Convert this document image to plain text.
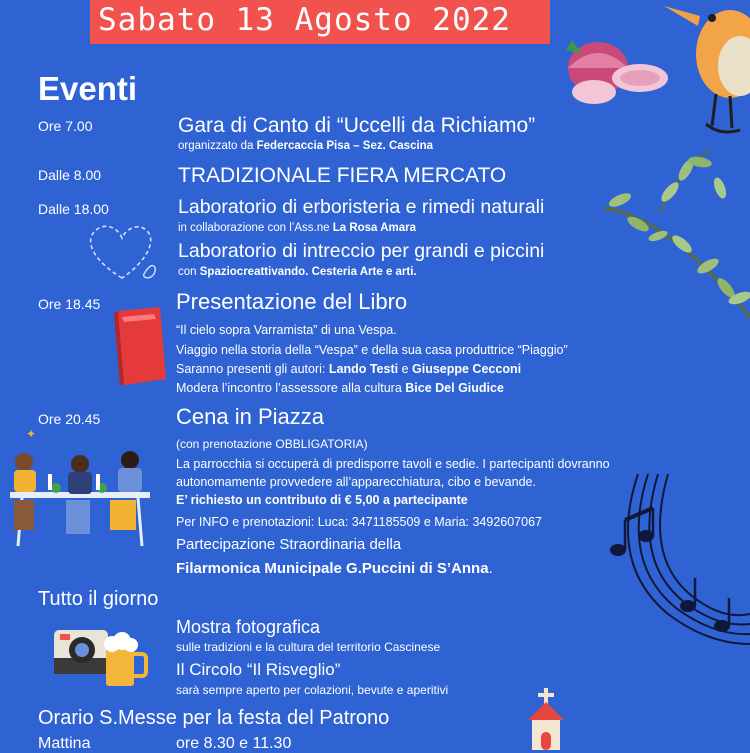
Sabato 13 Agosto 2022
Eventi
Ore 7.00	Gara di Canto di “Uccelli da Richiamo”
organizzato da Federcaccia Pisa – Sez. Cascina
Dalle 8.00	TRADIZIONALE FIERA MERCATO
Dalle 18.00	Laboratorio di erboristeria e rimedi naturali
in collaborazione con l’Ass.ne La Rosa Amara
Laboratorio di intreccio per grandi e piccini
con Spaziocreattivando. Cesteria Arte e arti.
Ore 18.45	Presentazione del Libro
“Il cielo sopra Varramista” di una Vespa.
Viaggio nella storia della “Vespa” e della sua casa produttrice “Piaggio”
Saranno presenti gli autori: Lando Testi e Giuseppe Cecconi
Modera l’incontro l’assessore alla cultura Bice Del Giudice
Ore 20.45	Cena in Piazza
(con prenotazione OBBLIGATORIA)
La parrocchia si occuperà di predisporre tavoli e sedie. I partecipanti dovranno
autonomamente provvedere all’apparecchiatura, cibo e bevande.
E’ richiesto un contributo di € 5,00 a partecipante
Per INFO e prenotazioni: Luca: 3471185509 e Maria: 3492607067
Partecipazione Straordinaria della
Filarmonica Municipale G.Puccini di S’Anna.
✦
Tutto il giorno
Mostra fotografica
sulle tradizioni e la cultura del territorio Cascinese
Il Circolo “Il Risveglio”
sarà sempre aperto per colazioni, bevute e aperitivi
Orario S.Messe per la festa del Patrono
Mattina	ore 8.30 e 11.30
